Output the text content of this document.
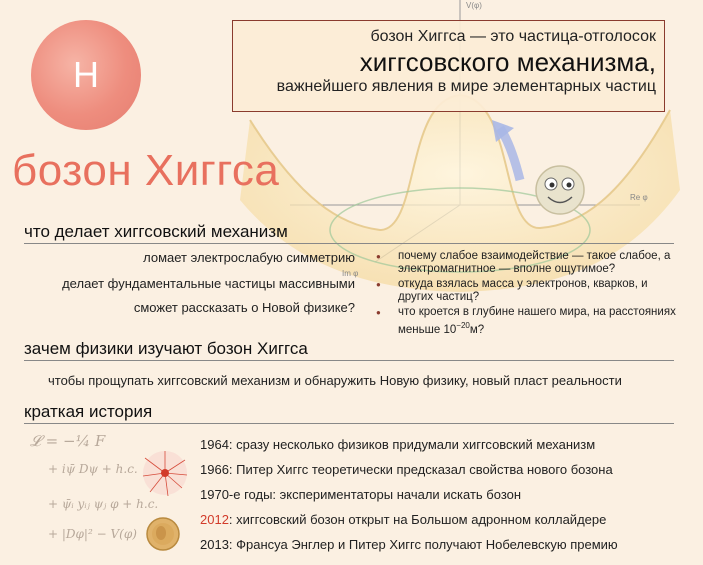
V(φ)
Re φ
Im φ
H
бозон Хиггса — это частица-отголосок
хиггсовского механизма,
важнейшего явления в мире элементарных частиц
бозон Хиггса
что делает хиггсовский механизм
ломает электрослабую симметрию
делает фундаментальные частицы массивными
сможет рассказать о Новой физике?
● почему слабое взаимодействие — такое слабое, а электромагнитное — вполне ощутимое?
● откуда взялась масса у электронов, кварков, и других частиц?
● что кроется в глубине нашего мира, на расстояниях меньше $10^{-20}м$?
зачем физики изучают бозон Хиггса
чтобы прощупать хиггсовский механизм и обнаружить Новую физику, новый пласт реальности
краткая история
𝓛 = −¼ F
+ iψ̄ Dψ + h.c.
+ ψ̄ᵢ yᵢⱼ ψⱼ φ + h.c.
+ |Dφ|² − V(φ)
1964: сразу несколько физиков придумали хиггсовский механизм
1966: Питер Хиггс теоретически предсказал свойства нового бозона
1970-е годы: экспериментаторы начали искать бозон
2012: хиггсовский бозон открыт на Большом адронном коллайдере
2013: Франсуа Энглер и Питер Хиггс получают Нобелевскую премию
